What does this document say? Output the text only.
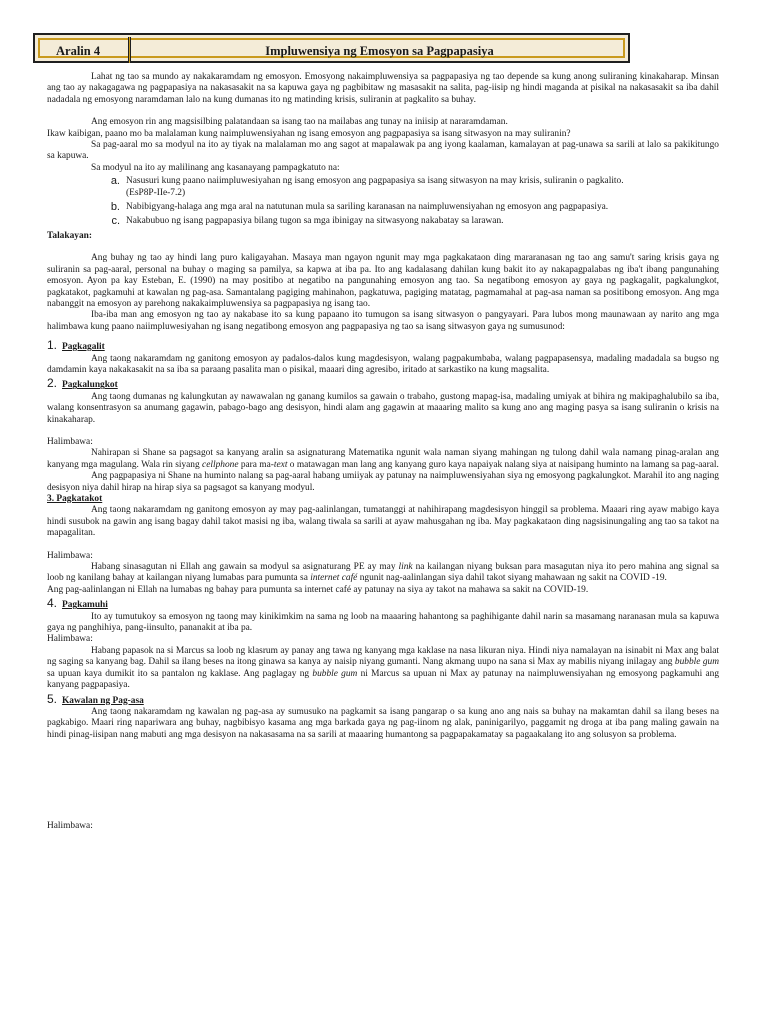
Aralin 4	Impluwensiya ng Emosyon sa Pagpapasiya

Lahat ng tao sa mundo ay nakakaramdam ng emosyon. Emosyong nakaimpluwensiya sa pagpapasiya ng tao depende sa kung anong suliraning kinakaharap. Minsan ang tao ay nakagagawa ng pagpapasiya na nakasasakit na sa kapuwa gaya ng pagbibitaw ng masasakit na salita, pag-iisip ng hindi maganda at pisikal na nakasasakit sa iba dahil nadadala ng emosyong naramdaman lalo na kung dumanas ito ng matinding krisis, suliranin at pagkalito sa buhay.

Ang emosyon rin ang magsisilbing palatandaan sa isang tao na mailabas ang tunay na iniisip at nararamdaman.

Ikaw kaibigan, paano mo ba malalaman kung naimpluwensiyahan ng isang emosyon ang pagpapasiya sa isang sitwasyon na may suliranin?

Sa pag-aaral mo sa modyul na ito ay tiyak na malalaman mo ang sagot at mapalawak pa ang iyong kaalaman, kamalayan at pag-unawa sa sarili at lalo sa pakikitungo sa kapuwa.

Sa modyul na ito ay malilinang ang kasanayang pampagkatuto na:

a. Nasusuri kung paano naiimpluwesiyahan ng isang emosyon ang pagpapasiya sa isang sitwasyon na may krisis, suliranin o pagkalito.
(EsP8P-IIe-7.2)
b. Nabibigyang-halaga ang mga aral na natutunan mula sa sariling karanasan na naimpluwensiyahan ng emosyon ang pagpapasiya.
c. Nakabubuo ng isang pagpapasiya bilang tugon sa mga ibinigay na sitwasyong nakabatay sa larawan.

Talakayan:

Ang buhay ng tao ay hindi lang puro kaligayahan. Masaya man ngayon ngunit may mga pagkakataon ding mararanasan ng tao ang samu't saring krisis gaya ng suliranin sa pag-aaral, personal na buhay o maging sa pamilya, sa kapwa at iba pa. Ito ang kadalasang dahilan kung bakit ito ay nakapagpalabas ng iba't ibang pangunahing emosyon. Ayon pa kay Esteban, E. (1990) na may positibo at negatibo na pangunahing emosyon ang tao. Sa negatibong emosyon ay gaya ng pagkagalit, pagkalungkot, pagkatakot, pagkamuhi at kawalan ng pag-asa. Samantalang pagiging mahinahon, pagkatuwa, pagiging matatag, pagmamahal at pag-asa naman sa positibong emosyon. Ang mga nabanggit na emosyon ay parehong nakakaimpluwensiya sa pagpapasiya ng isang tao.

Iba-iba man ang emosyon ng tao ay nakabase ito sa kung papaano ito tumugon sa isang sitwasyon o pangyayari. Para lubos mong maunawaan ay narito ang mga halimbawa kung paano naiimpluwesiyahan ng isang negatibong emosyon ang pagpapasiya ng tao sa isang sitwasyon gaya ng sumusunod:

1. Pagkagalit

Ang taong nakaramdam ng ganitong emosyon ay padalos-dalos kung magdesisyon, walang pagpakumbaba, walang pagpapasensya, madaling madadala sa bugso ng damdamin kaya nakakasakit na sa iba sa paraang pasalita man o pisikal, maaari ding agresibo, iritado at sarkastiko na kung magsalita.

2. Pagkalungkot

Ang taong dumanas ng kalungkutan ay nawawalan ng ganang kumilos sa gawain o trabaho, gustong mapag-isa, madaling umiyak at bihira ng makipaghalubilo sa iba, walang konsentrasyon sa anumang gagawin, pabago-bago ang desisyon, hindi alam ang gagawin at maaaring malito sa kung ano ang maging pasya sa isang suliranin o krisis na kinakaharap.

Halimbawa:

Nahirapan si Shane sa pagsagot sa kanyang aralin sa asignaturang Matematika ngunit wala naman siyang mahingan ng tulong dahil wala namang pinag-aralan ang kanyang mga magulang. Wala rin siyang cellphone para ma-text o matawagan man lang ang kanyang guro kaya napaiyak nalang siya at naisipang huminto na lamang sa pag-aaral.

Ang pagpapasiya ni Shane na huminto nalang sa pag-aaral habang umiiyak ay patunay na naimpluwensiyahan siya ng emosyong pagkalungkot. Marahil ito ang naging desisyon niya dahil hirap na hirap siya sa pagsagot sa kanyang modyul.

3. Pagkatakot

Ang taong nakaramdam ng ganitong emosyon ay may pag-aalinlangan, tumatanggi at nahihirapang magdesisyon hinggil sa problema. Maaari ring ayaw mabigo kaya hindi susubok na gawin ang isang bagay dahil takot masisi ng iba, walang tiwala sa sarili at ayaw mahusgahan ng iba. May pagkakataon ding nagsisinungaling ang tao sa takot na mapagalitan.

Halimbawa:

Habang sinasagutan ni Ellah ang gawain sa modyul sa asignaturang PE ay may link na kailangan niyang buksan para masagutan niya ito pero mahina ang signal sa loob ng kanilang bahay at kailangan niyang lumabas para pumunta sa internet café ngunit nag-aalinlangan siya dahil takot siyang mahawaan ng sakit na COVID -19.

Ang pag-aalinlangan ni Ellah na lumabas ng bahay para pumunta sa internet café ay patunay na siya ay takot na mahawa sa sakit na COVID-19.

4. Pagkamuhi

Ito ay tumutukoy sa emosyon ng taong may kinikimkim na sama ng loob na maaaring hahantong sa paghihigante dahil narin sa masamang naranasan mula sa kapuwa gaya ng panghihiya, pang-iinsulto, pananakit at iba pa.

Halimbawa:

Habang papasok na si Marcus sa loob ng klasrum ay panay ang tawa ng kanyang mga kaklase na nasa likuran niya. Hindi niya namalayan na isinabit ni Max ang balat ng saging sa kanyang bag. Dahil sa ilang beses na itong ginawa sa kanya ay naisip niyang gumanti. Nang akmang uupo na sana si Max ay mabilis niyang inilagay ang bubble gum sa upuan kaya dumikit ito sa pantalon ng kaklase. Ang paglagay ng bubble gum ni Marcus sa upuan ni Max ay patunay na naimpluwensiyahan ng emosyong pagkamuhi ang kanyang pagpapasiya.

5. Kawalan ng Pag-asa

Ang taong nakaramdam ng kawalan ng pag-asa ay sumusuko na pagkamit sa isang pangarap o sa kung ano ang nais sa buhay na makamtan dahil sa ilang beses na pagkabigo. Maari ring napariwara ang buhay, nagbibisyo kasama ang mga barkada gaya ng pag-iinom ng alak, paninigarilyo, paggamit ng droga at iba pang maling gawain na hindi pinag-iisipan nang mabuti ang mga desisyon na nakasasama na sa sarili at maaaring humantong sa pagpapakamatay sa pagaakalang ito ang solusyon sa problema.

Halimbawa:
